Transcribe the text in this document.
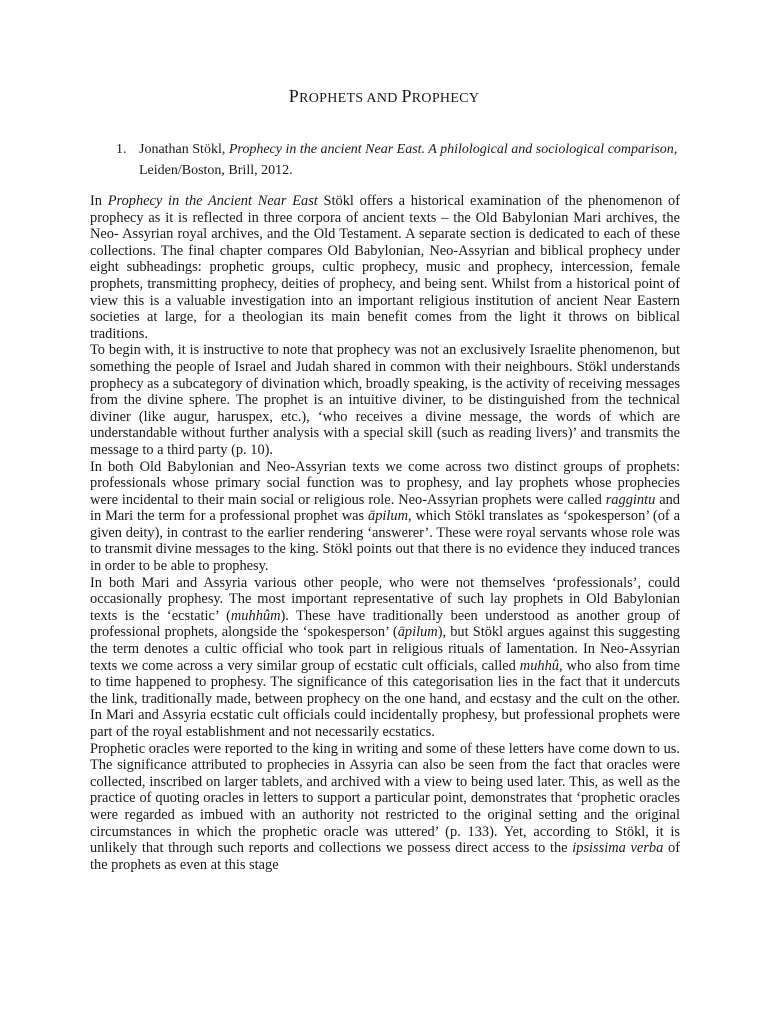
PROPHETS AND PROPHECY
1. Jonathan Stökl, Prophecy in the ancient Near East. A philological and sociological comparison, Leiden/Boston, Brill, 2012.

In Prophecy in the Ancient Near East Stökl offers a historical examination of the phenomenon of prophecy as it is reflected in three corpora of ancient texts – the Old Babylonian Mari archives, the Neo- Assyrian royal archives, and the Old Testament. A separate section is dedicated to each of these collections. The final chapter compares Old Babylonian, Neo-Assyrian and biblical prophecy under eight subheadings: prophetic groups, cultic prophecy, music and prophecy, intercession, female prophets, transmitting prophecy, deities of prophecy, and being sent. Whilst from a historical point of view this is a valuable investigation into an important religious institution of ancient Near Eastern societies at large, for a theologian its main benefit comes from the light it throws on biblical traditions.

To begin with, it is instructive to note that prophecy was not an exclusively Israelite phenomenon, but something the people of Israel and Judah shared in common with their neighbours. Stökl understands prophecy as a subcategory of divination which, broadly speaking, is the activity of receiving messages from the divine sphere. The prophet is an intuitive diviner, to be distinguished from the technical diviner (like augur, haruspex, etc.), ‘who receives a divine message, the words of which are understandable without further analysis with a special skill (such as reading livers)’ and transmits the message to a third party (p. 10).

In both Old Babylonian and Neo-Assyrian texts we come across two distinct groups of prophets: professionals whose primary social function was to prophesy, and lay prophets whose prophecies were incidental to their main social or religious role. Neo-Assyrian prophets were called raggintu and in Mari the term for a professional prophet was āpilum, which Stökl translates as ‘spokesperson’ (of a given deity), in contrast to the earlier rendering ‘answerer’. These were royal servants whose role was to transmit divine messages to the king. Stökl points out that there is no evidence they induced trances in order to be able to prophesy.

In both Mari and Assyria various other people, who were not themselves ‘professionals’, could occasionally prophesy. The most important representative of such lay prophets in Old Babylonian texts is the ‘ecstatic’ (muhhûm). These have traditionally been understood as another group of professional prophets, alongside the ‘spokesperson’ (āpilum), but Stökl argues against this suggesting the term denotes a cultic official who took part in religious rituals of lamentation. In Neo-Assyrian texts we come across a very similar group of ecstatic cult officials, called muhhû, who also from time to time happened to prophesy. The significance of this categorisation lies in the fact that it undercuts the link, traditionally made, between prophecy on the one hand, and ecstasy and the cult on the other. In Mari and Assyria ecstatic cult officials could incidentally prophesy, but professional prophets were part of the royal establishment and not necessarily ecstatics.

Prophetic oracles were reported to the king in writing and some of these letters have come down to us. The significance attributed to prophecies in Assyria can also be seen from the fact that oracles were collected, inscribed on larger tablets, and archived with a view to being used later. This, as well as the practice of quoting oracles in letters to support a particular point, demonstrates that ‘prophetic oracles were regarded as imbued with an authority not restricted to the original setting and the original circumstances in which the prophetic oracle was uttered’ (p. 133). Yet, according to Stökl, it is unlikely that through such reports and collections we possess direct access to the ipsissima verba of the prophets as even at this stage
